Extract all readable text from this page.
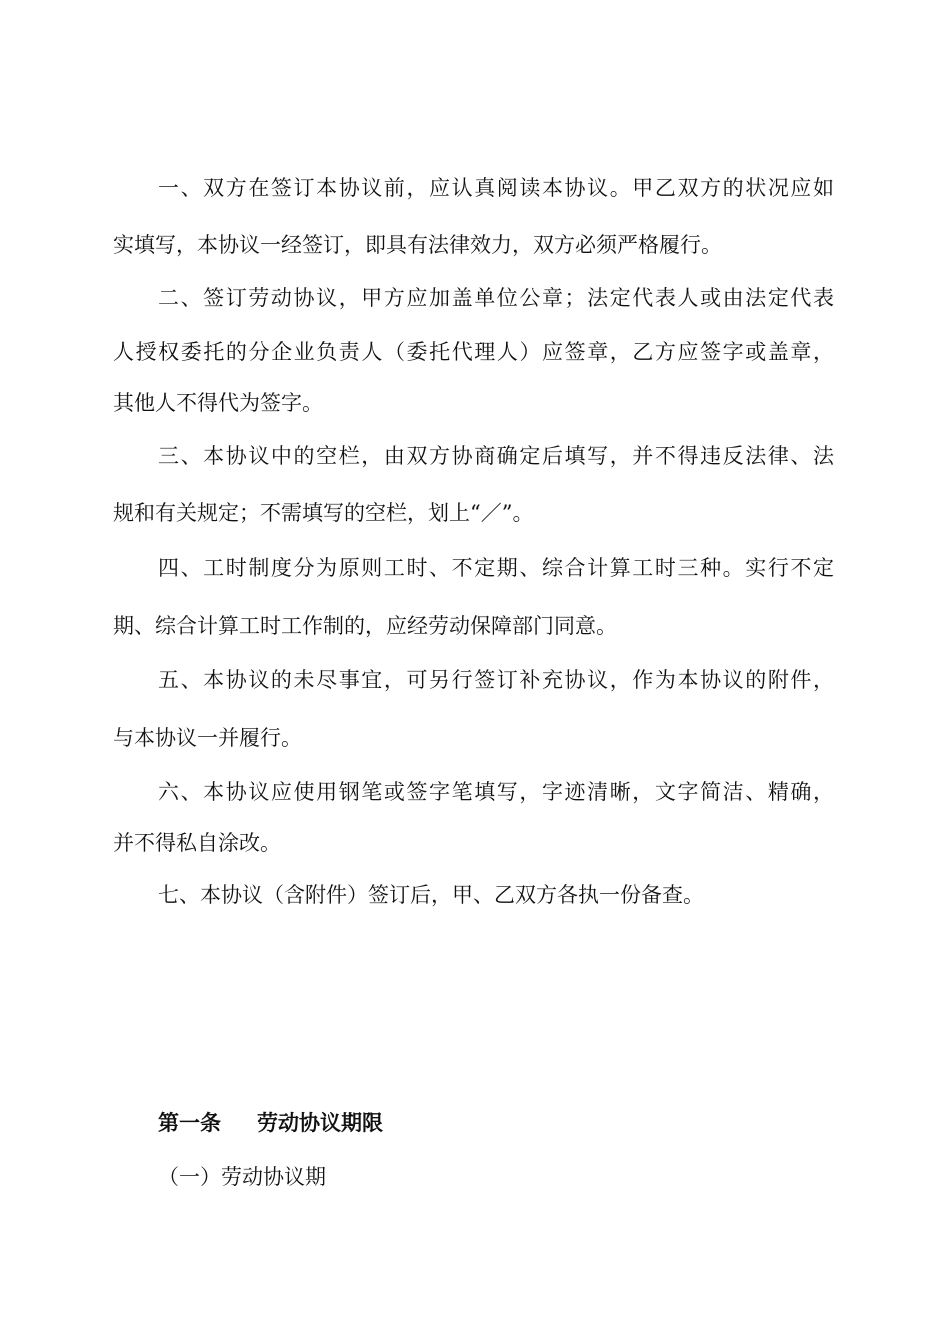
一、双方在签订本协议前，应认真阅读本协议。甲乙双方的状况应如
实填写，本协议一经签订，即具有法律效力，双方必须严格履行。
二、签订劳动协议，甲方应加盖单位公章；法定代表人或由法定代表
人授权委托的分企业负责人（委托代理人）应签章，乙方应签字或盖章，
其他人不得代为签字。
三、本协议中的空栏，由双方协商确定后填写，并不得违反法律、法
规和有关规定；不需填写的空栏，划上“／”。
四、工时制度分为原则工时、不定期、综合计算工时三种。实行不定
期、综合计算工时工作制的，应经劳动保障部门同意。
五、本协议的未尽事宜，可另行签订补充协议，作为本协议的附件，
与本协议一并履行。
六、本协议应使用钢笔或签字笔填写，字迹清晰，文字简洁、精确，
并不得私自涂改。
七、本协议（含附件）签订后，甲、乙双方各执一份备查。
第一条 劳动协议期限
（一）劳动协议期
